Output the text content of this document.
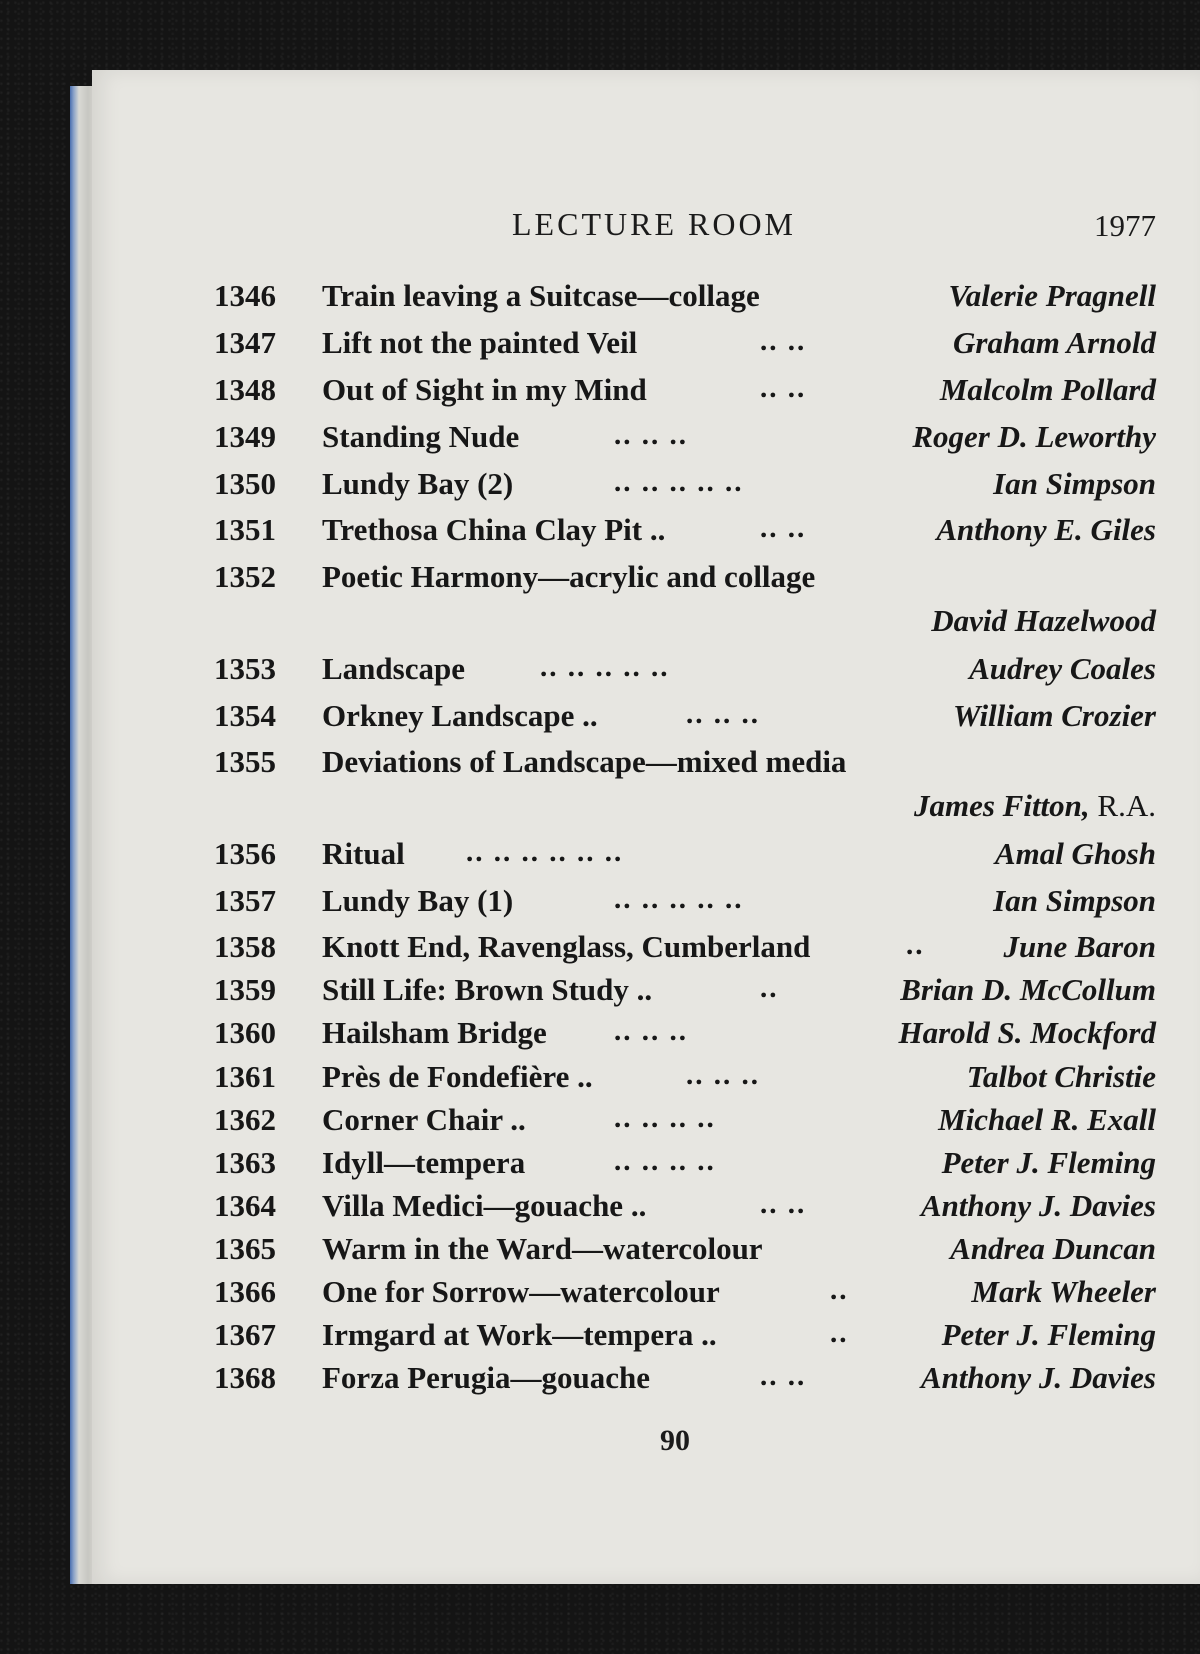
LECTURE ROOM	1977
1346 Train leaving a Suitcase—collage	Valerie Pragnell
1347 Lift not the painted Veil	.. ..	Graham Arnold
1348 Out of Sight in my Mind	.. ..	Malcolm Pollard
1349 Standing Nude	.. .. ..	Roger D. Leworthy
1350 Lundy Bay (2)	.. .. .. .. ..	Ian Simpson
1351 Trethosa China Clay Pit ..	.. ..	Anthony E. Giles
1352 Poetic Harmony—acrylic and collage
David Hazelwood
1353 Landscape	.. .. .. .. ..	Audrey Coales
1354 Orkney Landscape ..	.. .. ..	William Crozier
1355 Deviations of Landscape—mixed media
James Fitton, R.A.
1356 Ritual .. .. .. .. .. ..	Amal Ghosh
1357 Lundy Bay (1)	.. .. .. .. ..	Ian Simpson
1358 Knott End, Ravenglass, Cumberland	..	June Baron
1359 Still Life: Brown Study ..	..	Brian D. McCollum
1360 Hailsham Bridge .. .. ..	Harold S. Mockford
1361 Près de Fondefière ..	.. .. ..	Talbot Christie
1362 Corner Chair ..	.. .. .. ..	Michael R. Exall
1363 Idyll—tempera	.. .. .. ..	Peter J. Fleming
1364 Villa Medici—gouache ..	.. ..	Anthony J. Davies
1365 Warm in the Ward—watercolour	Andrea Duncan
1366 One for Sorrow—watercolour	..	Mark Wheeler
1367 Irmgard at Work—tempera ..	..	Peter J. Fleming
1368 Forza Perugia—gouache	.. ..	Anthony J. Davies
90
